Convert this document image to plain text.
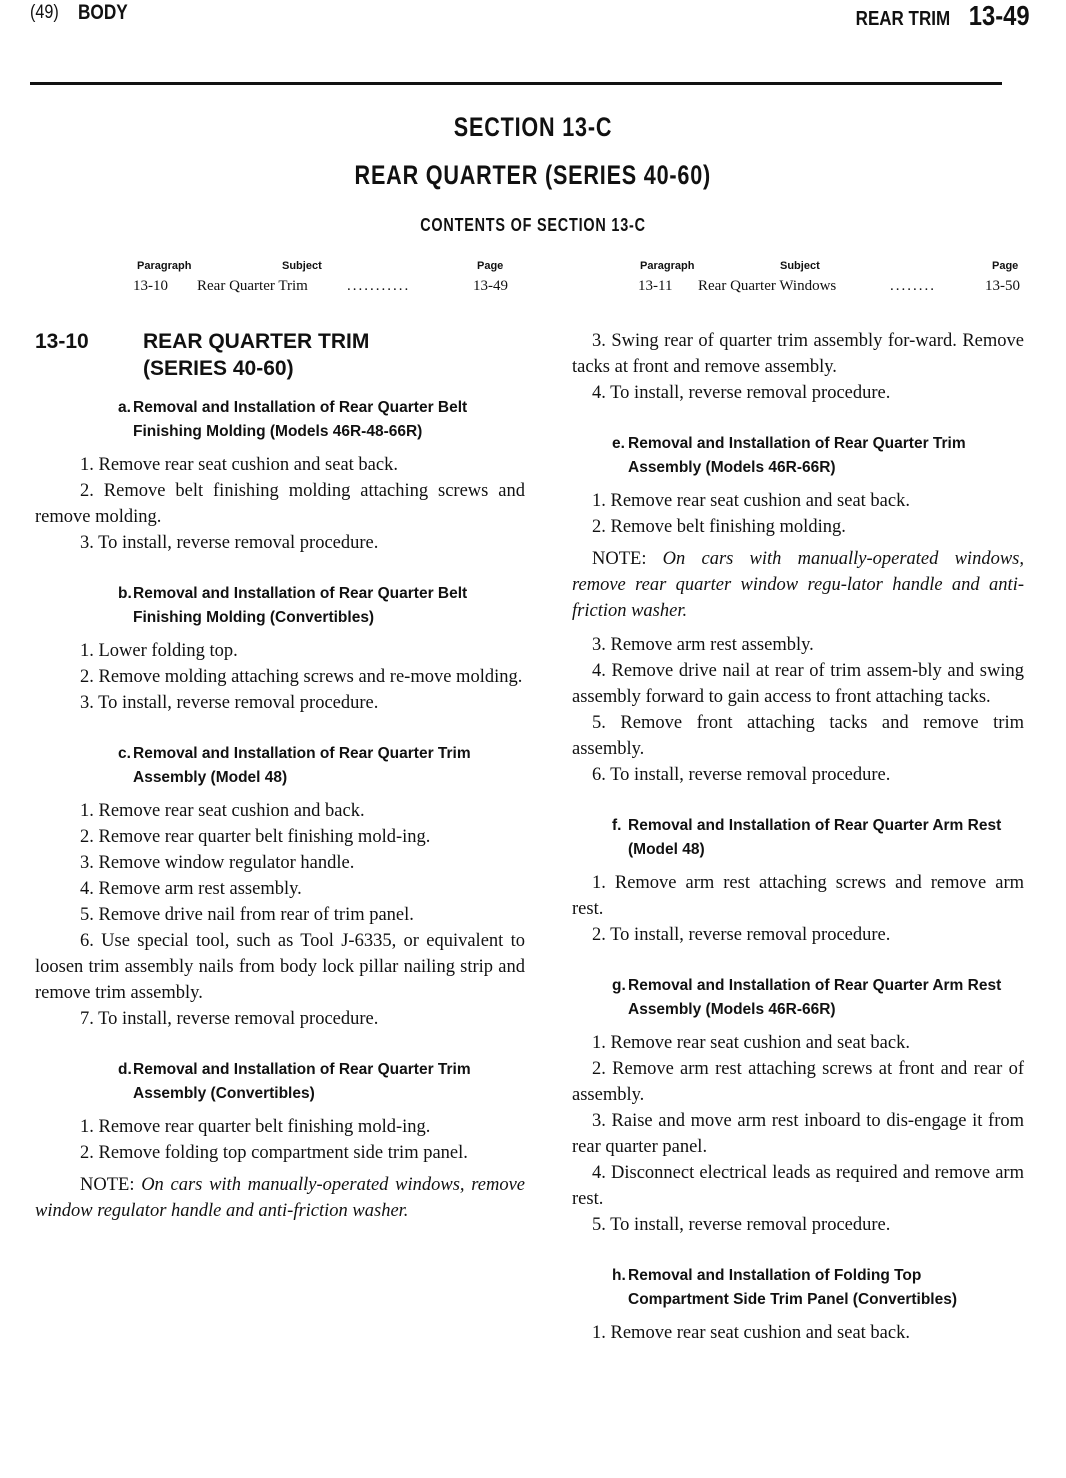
(49) BODY	REAR TRIM 13-49
SECTION 13-C
REAR QUARTER (SERIES 40-60)
CONTENTS OF SECTION 13-C
Paragraph	Subject	Page
13-10 Rear Quarter Trim	...........	13-49
Paragraph	Subject	Page
13-11 Rear Quarter Windows	........	13-50
13-10	REAR QUARTER TRIM
(SERIES 40-60)
a. Removal and Installation of Rear Quarter Belt Finishing Molding (Models 46R-48-66R)

1. Remove rear seat cushion and seat back.

2. Remove belt finishing molding attaching screws and remove molding.

3. To install, reverse removal procedure.

b. Removal and Installation of Rear Quarter Belt Finishing Molding (Convertibles)

1. Lower folding top.

2. Remove molding attaching screws and re-move molding.

3. To install, reverse removal procedure.

c. Removal and Installation of Rear Quarter Trim Assembly (Model 48)

1. Remove rear seat cushion and back.

2. Remove rear quarter belt finishing mold-ing.

3. Remove window regulator handle.

4. Remove arm rest assembly.

5. Remove drive nail from rear of trim panel.

6. Use special tool, such as Tool J-6335, or equivalent to loosen trim assembly nails from body lock pillar nailing strip and remove trim assembly.

7. To install, reverse removal procedure.

d. Removal and Installation of Rear Quarter Trim Assembly (Convertibles)

1. Remove rear quarter belt finishing mold-ing.

2. Remove folding top compartment side trim panel.

NOTE: On cars with manually-operated windows, remove window regulator handle and anti-friction washer.

3. Swing rear of quarter trim assembly for-ward. Remove tacks at front and remove assembly.

4. To install, reverse removal procedure.

e. Removal and Installation of Rear Quarter Trim Assembly (Models 46R-66R)

1. Remove rear seat cushion and seat back.

2. Remove belt finishing molding.

NOTE: On cars with manually-operated windows, remove rear quarter window regu-lator handle and anti-friction washer.

3. Remove arm rest assembly.

4. Remove drive nail at rear of trim assem-bly and swing assembly forward to gain access to front attaching tacks.

5. Remove front attaching tacks and remove trim assembly.

6. To install, reverse removal procedure.

f. Removal and Installation of Rear Quarter Arm Rest (Model 48)

1. Remove arm rest attaching screws and remove arm rest.

2. To install, reverse removal procedure.

g. Removal and Installation of Rear Quarter Arm Rest Assembly (Models 46R-66R)

1. Remove rear seat cushion and seat back.

2. Remove arm rest attaching screws at front and rear of assembly.

3. Raise and move arm rest inboard to dis-engage it from rear quarter panel.

4. Disconnect electrical leads as required and remove arm rest.

5. To install, reverse removal procedure.

h. Removal and Installation of Folding Top Compartment Side Trim Panel (Convertibles)

1. Remove rear seat cushion and seat back.
